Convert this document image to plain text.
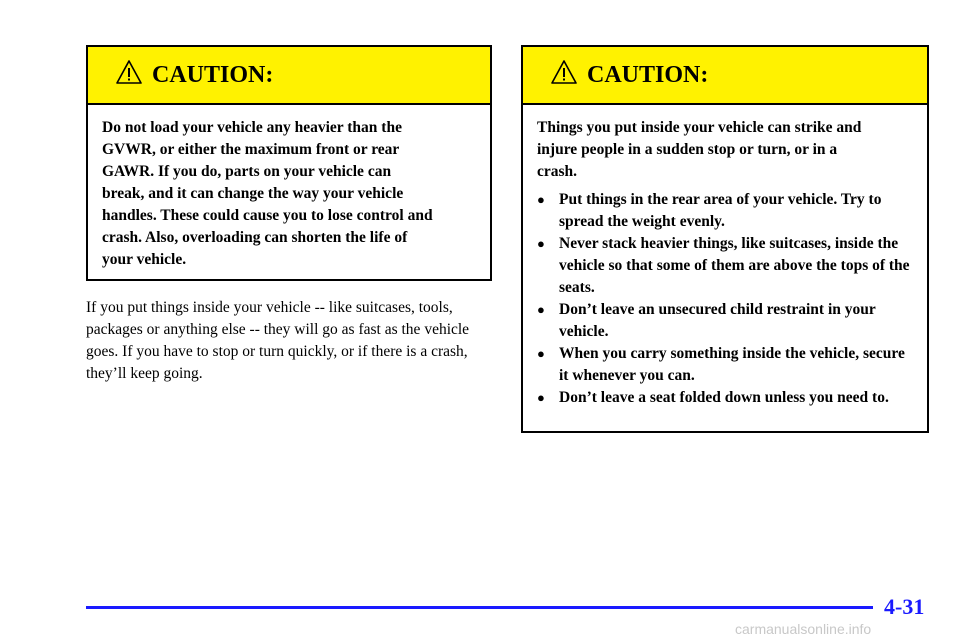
CAUTION:

Do not load your vehicle any heavier than the GVWR, or either the maximum front or rear GAWR. If you do, parts on your vehicle can break, and it can change the way your vehicle handles. These could cause you to lose control and crash. Also, overloading can shorten the life of your vehicle.

If you put things inside your vehicle -- like suitcases, tools, packages or anything else -- they will go as fast as the vehicle goes. If you have to stop or turn quickly, or if there is a crash, they’ll keep going.

CAUTION:

Things you put inside your vehicle can strike and injure people in a sudden stop or turn, or in a crash.

● Put things in the rear area of your vehicle. Try to spread the weight evenly.
● Never stack heavier things, like suitcases, inside the vehicle so that some of them are above the tops of the seats.
● Don’t leave an unsecured child restraint in your vehicle.
● When you carry something inside the vehicle, secure it whenever you can.
● Don’t leave a seat folded down unless you need to.
4-31
carmanualsonline.info
